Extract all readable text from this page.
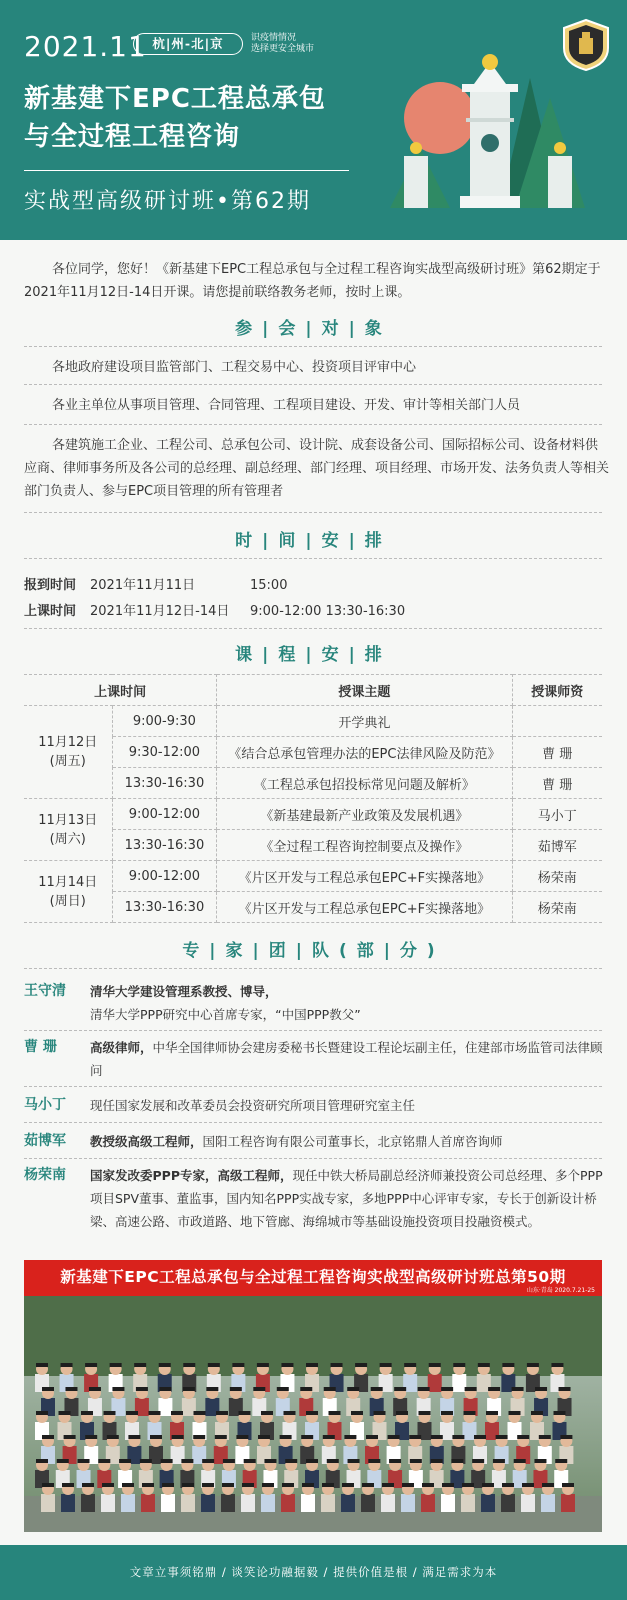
2021.11 杭|州-北|京	识疫情情况
选择更安全城市
新基建下EPC工程总承包
与全过程工程咨询
实战型高级研讨班•第62期
各位同学，您好！《新基建下EPC工程总承包与全过程工程咨询实战型高级研讨班》第62期定于2021年11月12日-14日开课。请您提前联络教务老师，按时上课。
参|会|对|象
各地政府建设项目监管部门、工程交易中心、投资项目评审中心
各业主单位从事项目管理、合同管理、工程项目建设、开发、审计等相关部门人员
各建筑施工企业、工程公司、总承包公司、设计院、成套设备公司、国际招标公司、设备材料供应商、律师事务所及各公司的总经理、副总经理、部门经理、项目经理、市场开发、法务负责人等相关部门负责人、参与EPC项目管理的所有管理者
时|间|安|排
报到时间 2021年11月11日	15:00
上课时间 2021年11月12日-14日 9:00-12:00 13:30-16:30
课|程|安|排
上课时间		授课主题	授课师资

11月12日
(周五)	9:00-9:30	开学典礼	
	9:30-12:00	《结合总承包管理办法的EPC法律风险及防范》	曹 珊
	13:30-16:30	《工程总承包招投标常见问题及解析》	曹 珊

11月13日
(周六)	9:00-12:00	《新基建最新产业政策及发展机遇》	马小丁
	13:30-16:30	《全过程工程咨询控制要点及操作》	茹博军

11月14日
(周日)	9:00-12:00	《片区开发与工程总承包EPC+F实操落地》	杨荣南
	13:30-16:30	《片区开发与工程总承包EPC+F实操落地》	杨荣南
专|家|团|队(部|分)
王守清 清华大学建设管理系教授、博导，
清华大学PPP研究中心首席专家，“中国PPP教父”
曹 珊	高级律师，中华全国律师协会建房委秘书长暨建设工程论坛副主任，住建部市场监管司法律顾问
马小丁 现任国家发展和改革委员会投资研究所项目管理研究室主任
茹博军 教授级高级工程师，国阳工程咨询有限公司董事长，北京铭鼎人首席咨询师
杨荣南 国家发改委PPP专家，高级工程师，现任中铁大桥局副总经济师兼投资公司总经理、多个PPP项目SPV董事、董监事，国内知名PPP实战专家，多地PPP中心评审专家，专长于创新设计桥梁、高速公路、市政道路、地下管廊、海绵城市等基础设施投资项目投融资模式。
新基建下EPC工程总承包与全过程工程咨询实战型高级研讨班总第50期
山东·青岛 2020.7.21-25
文章立事须铭鼎 / 谈笑论功融据毅 / 提供价值是根 / 满足需求为本
